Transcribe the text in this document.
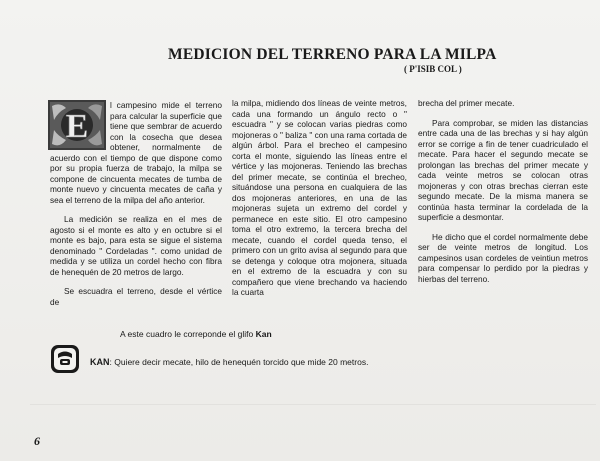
MEDICION DEL TERRENO PARA LA MILPA
( P'ISIB COL )

E
l campesino mide el terreno para calcular la superficie que tiene que sembrar de acuerdo con la cosecha que desea obtener, normalmente de acuerdo con el tiempo de que dispone como por su propia fuerza de trabajo, la milpa se compone de cincuenta mecates de tumba de monte nuevo y cincuenta mecates de caña y sea el terreno de la milpa del año anterior.

La medición se realiza en el mes de agosto si el monte es alto y en octubre si el monte es bajo, para esta se sigue el sistema denominado " Cordeladas ". como unidad de medida y se utiliza un cordel hecho con fibra de henequén de 20 metros de largo.

Se escuadra el terreno, desde el vértice de

la milpa, midiendo dos líneas de veinte metros, cada una formando un ángulo recto o " escuadra " y se colocan varias piedras como mojoneras o " baliza " con una rama cortada de algún árbol. Para el brecheo el campesino corta el monte, siguiendo las líneas entre el vértice y las mojoneras. Teniendo las brechas del primer mecate, se continúa el brecheo, situándose una persona en cualquiera de las dos mojoneras anteriores, en una de las mojoneras sujeta un extremo del cordel y permanece en este sitio. El otro campesino toma el otro extremo, la tercera brecha del mecate, cuando el cordel queda tenso, el primero con un grito avisa al segundo para que se detenga y coloque otra mojonera, situada en el extremo de la escuadra y con su compañero que viene brechando va haciendo la cuarta

brecha del primer mecate.

Para comprobar, se miden las distancias entre cada una de las brechas y si hay algún error se corrige a fin de tener cuadriculado el mecate. Para hacer el segundo mecate se prolongan las brechas del primer mecate y cada veinte metros se colocan otras mojoneras y con otras brechas cierran este segundo mecate. De la misma manera se continúa hasta terminar la cordelada de la superficie a desmontar.

He dicho que el cordel normalmente debe ser de veinte metros de longitud. Los campesinos usan cordeles de veintiun metros para compensar lo perdido por la piedras y hierbas del terreno.

A este cuadro le correponde el glifo Kan
KAN: Quiere decir mecate, hilo de henequén torcido que mide 20 metros.
6
